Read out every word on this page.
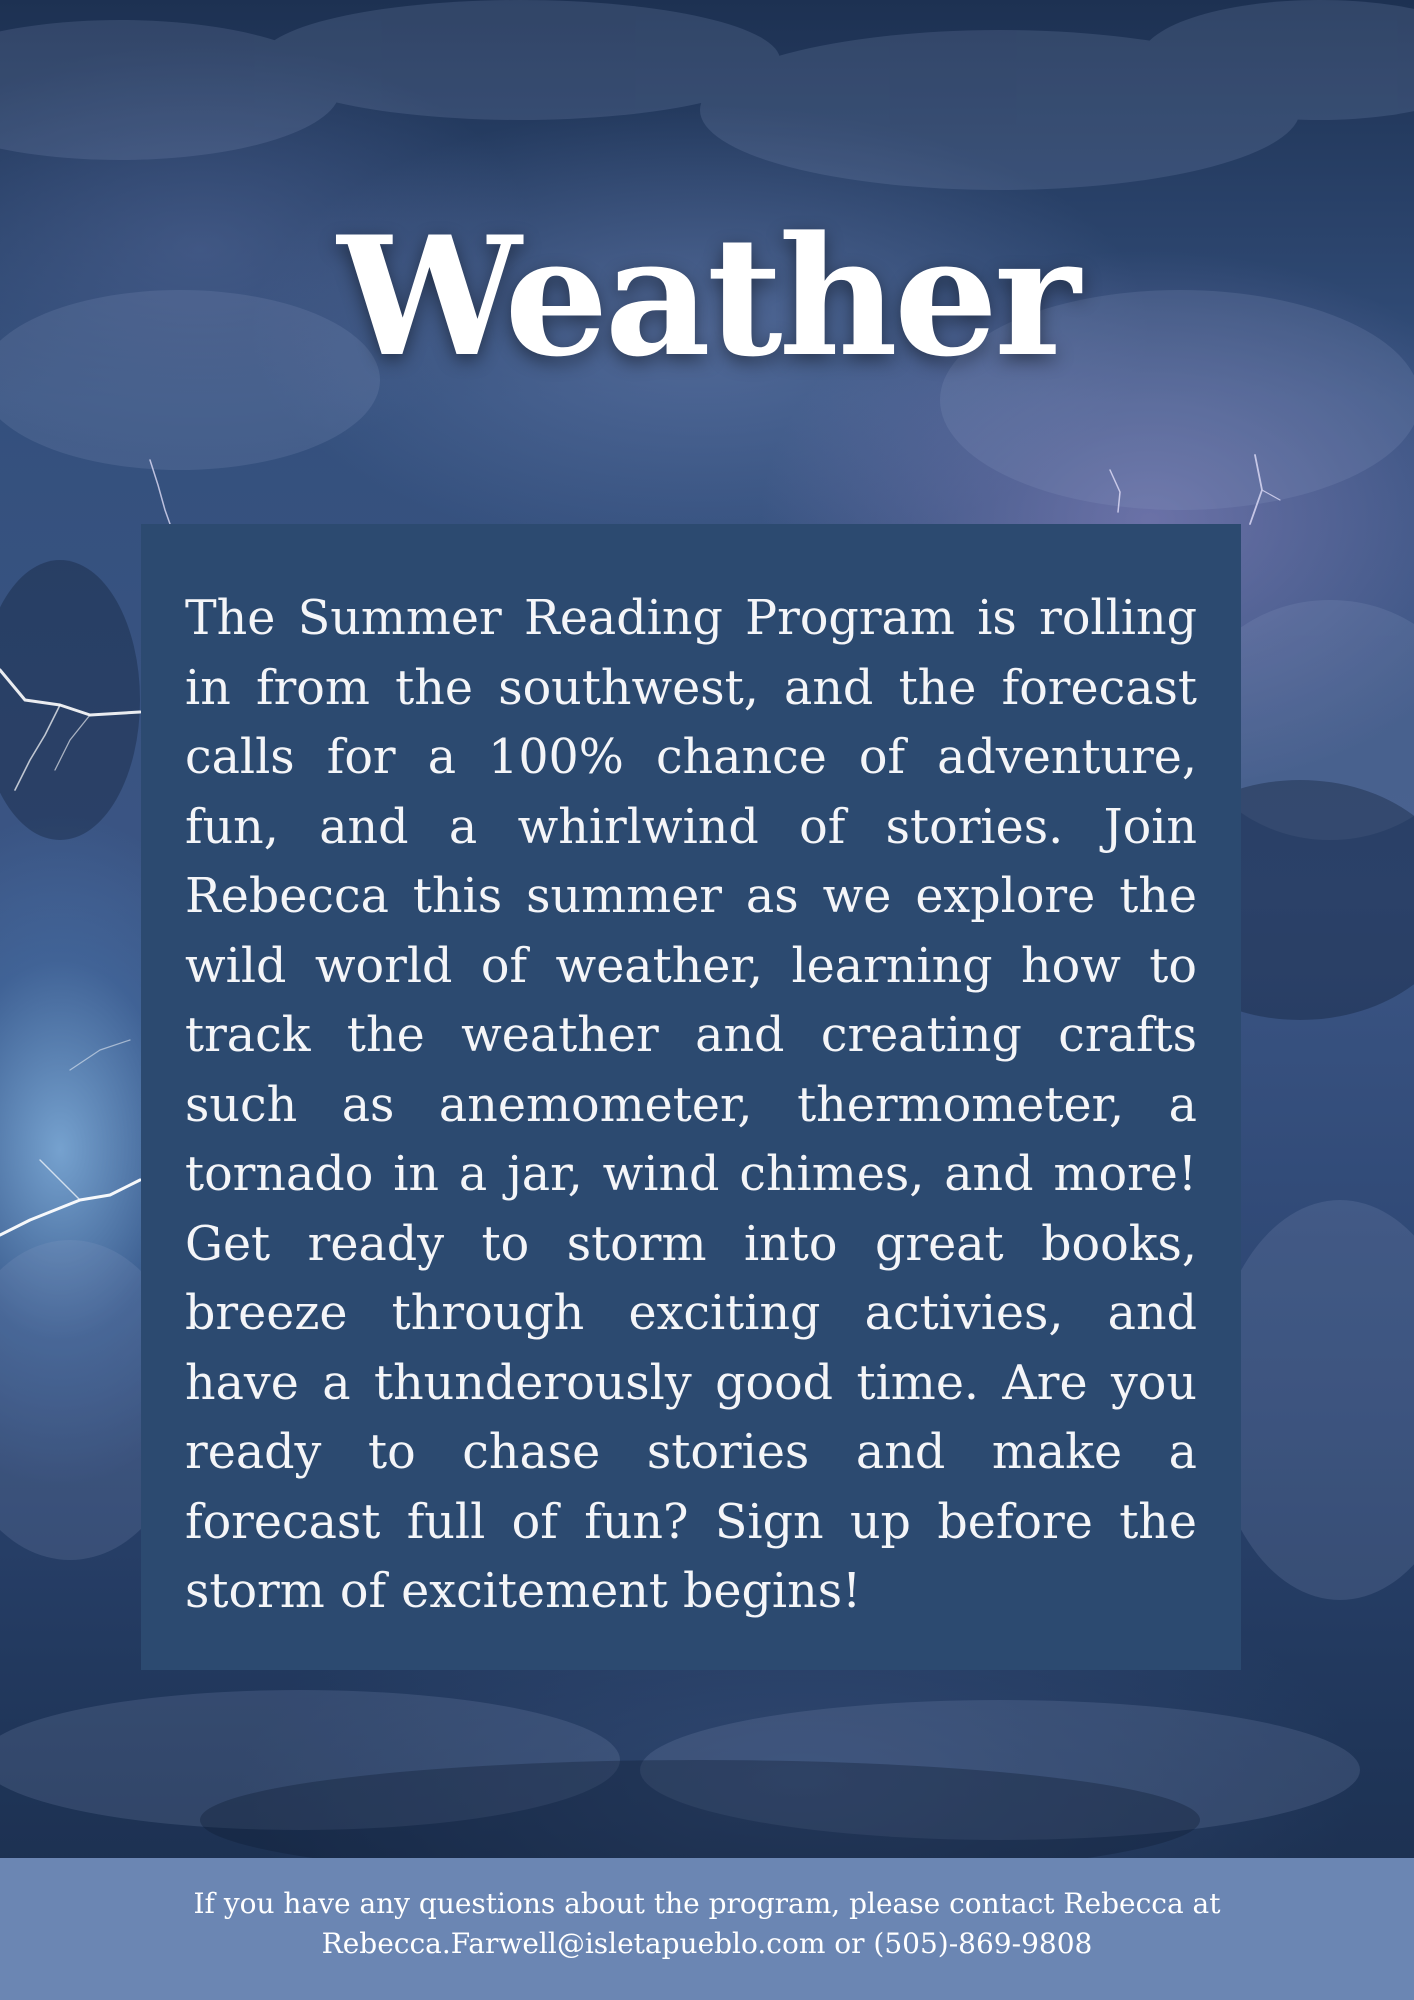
Weather

The Summer Reading Program is rolling in from the southwest, and the forecast calls for a 100% chance of adventure, fun, and a whirlwind of stories. Join Rebecca this summer as we explore the wild world of weather, learning how to track the weather and creating crafts such as anemometer, thermometer, a tornado in a jar, wind chimes, and more! Get ready to storm into great books, breeze through exciting activies, and have a thunderously good time. Are you ready to chase stories and make a forecast full of fun? Sign up before the storm of excitement begins!

If you have any questions about the program, please contact Rebecca at
Rebecca.Farwell@isletapueblo.com or (505)-869-9808
